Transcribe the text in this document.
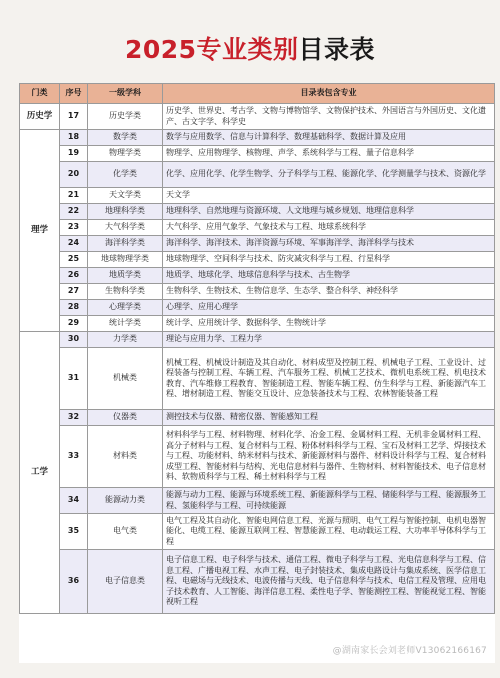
2025专业类别目录表
门类	序号	一级学科	目录表包含专业
历史学	17	历史学类	历史学、世界史、考古学、文物与博物馆学、文物保护技术、外国语言与外国历史、文化遗产、古文字学、科学史
理学	18	数学类	数学与应用数学、信息与计算科学、数理基础科学、数据计算及应用
	19	物理学类	物理学、应用物理学、核物理、声学、系统科学与工程、量子信息科学
	20	化学类	化学、应用化学、化学生物学、分子科学与工程、能源化学、化学测量学与技术、资源化学
	21	天文学类	天文学
	22	地理科学类	地理科学、自然地理与资源环境、人文地理与城乡规划、地理信息科学
	23	大气科学类	大气科学、应用气象学、气象技术与工程、地球系统科学
	24	海洋科学类	海洋科学、海洋技术、海洋资源与环境、军事海洋学、海洋科学与技术
	25	地球物理学类	地球物理学、空间科学与技术、防灾减灾科学与工程、行星科学
	26	地质学类	地质学、地球化学、地球信息科学与技术、古生物学
	27	生物科学类	生物科学、生物技术、生物信息学、生态学、整合科学、神经科学
	28	心理学类	心理学、应用心理学
	29	统计学类	统计学、应用统计学、数据科学、生物统计学
工学	30	力学类	理论与应用力学、工程力学
	31	机械类	机械工程、机械设计制造及其自动化、材料成型及控制工程、机械电子工程、工业设计、过程装备与控制工程、车辆工程、汽车服务工程、机械工艺技术、微机电系统工程、机电技术教育、汽车维修工程教育、智能制造工程、智能车辆工程、仿生科学与工程、新能源汽车工程、增材制造工程、智能交互设计、应急装备技术与工程、农林智能装备工程
	32	仪器类	测控技术与仪器、精密仪器、智能感知工程
	33	材料类	材料科学与工程、材料物理、材料化学、冶金工程、金属材料工程、无机非金属材料工程、高分子材料与工程、复合材料与工程、粉体材料科学与工程、宝石及材料工艺学、焊接技术与工程、功能材料、纳米材料与技术、新能源材料与器件、材料设计科学与工程、复合材料成型工程、智能材料与结构、光电信息材料与器件、生物材料、材料智能技术、电子信息材料、软物质科学与工程、稀土材料科学与工程
	34	能源动力类	能源与动力工程、能源与环境系统工程、新能源科学与工程、储能科学与工程、能源服务工程、氢能科学与工程、可持续能源
	35	电气类	电气工程及其自动化、智能电网信息工程、光源与照明、电气工程与智能控制、电机电器智能化、电缆工程、能源互联网工程、智慧能源工程、电动载运工程、大功率半导体科学与工程
	36	电子信息类	电子信息工程、电子科学与技术、通信工程、微电子科学与工程、光电信息科学与工程、信息工程、广播电视工程、水声工程、电子封装技术、集成电路设计与集成系统、医学信息工程、电磁场与无线技术、电波传播与天线、电子信息科学与技术、电信工程及管理、应用电子技术教育、人工智能、海洋信息工程、柔性电子学、智能测控工程、智能视觉工程、智能视听工程
@湖南家长会刘老师V13062166167
